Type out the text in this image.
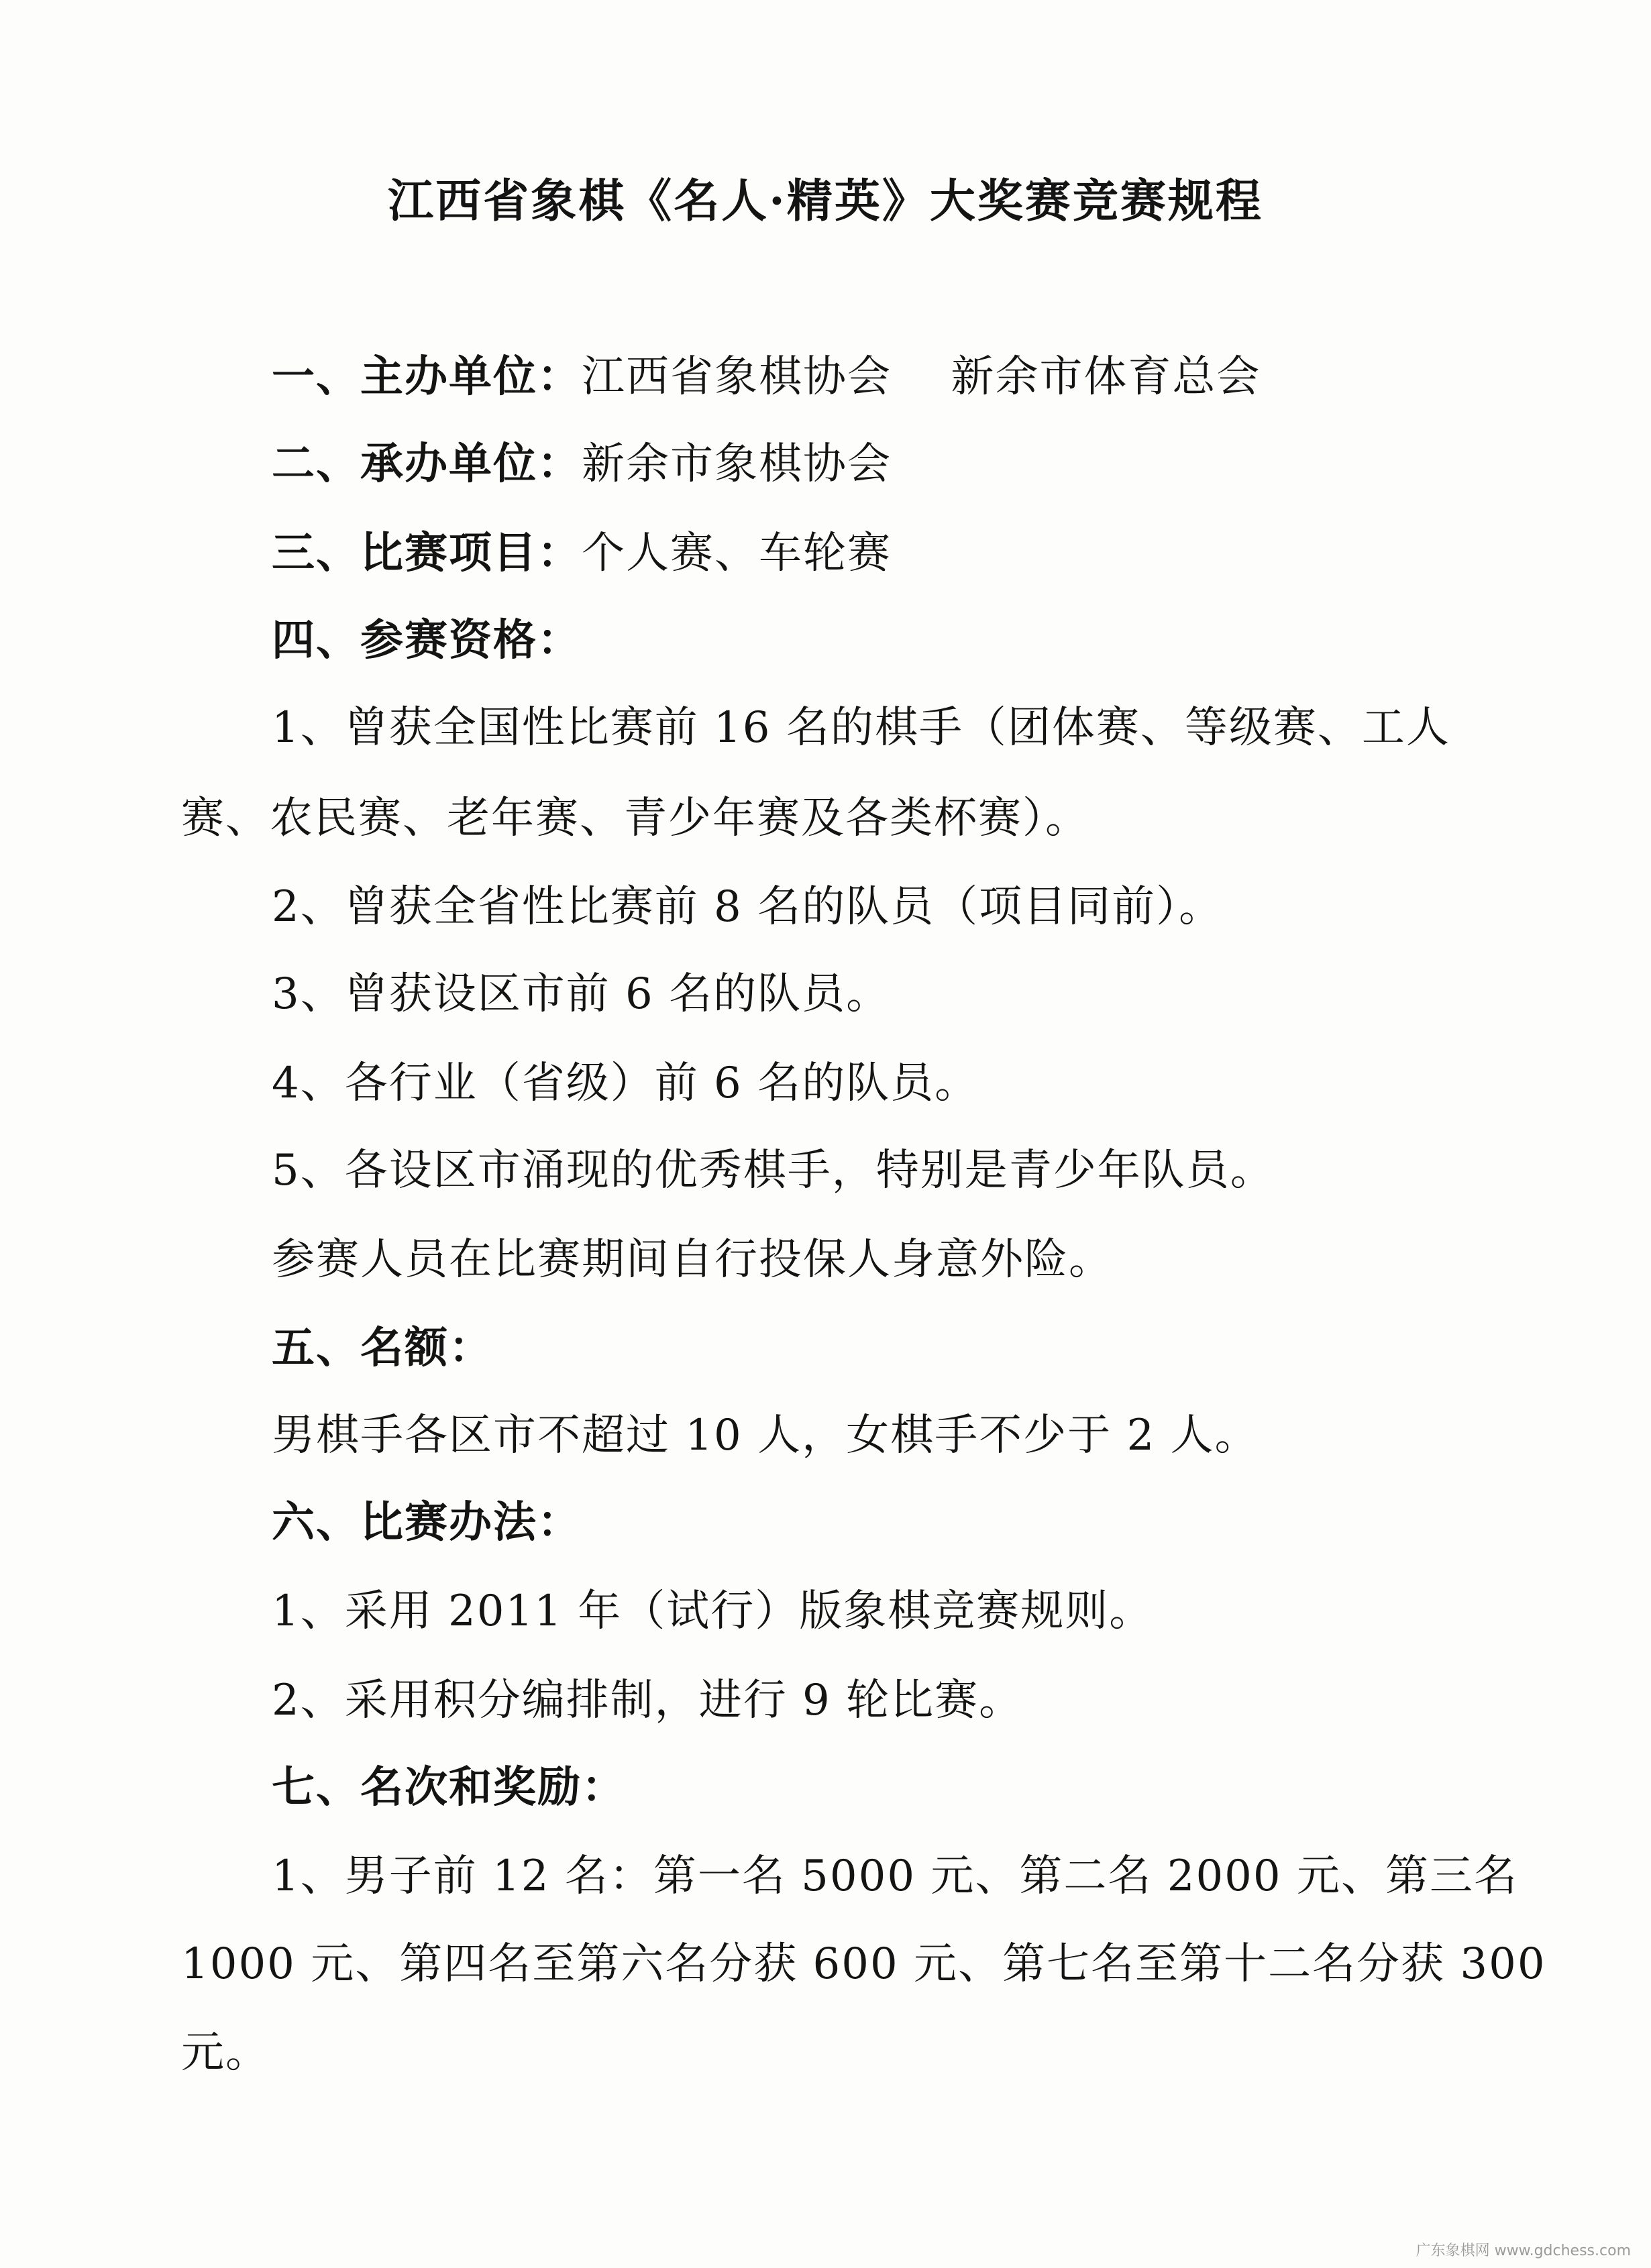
江西省象棋《名人·精英》大奖赛竞赛规程
一、主办单位：江西省象棋协会　 新余市体育总会
二、承办单位：新余市象棋协会
三、比赛项目：个人赛、车轮赛
四、参赛资格：
1、曾获全国性比赛前 16 名的棋手（团体赛、等级赛、工人
赛、农民赛、老年赛、青少年赛及各类杯赛）。
2、曾获全省性比赛前 8 名的队员（项目同前）。
3、曾获设区市前 6 名的队员。
4、各行业（省级）前 6 名的队员。
5、各设区市涌现的优秀棋手，特别是青少年队员。
参赛人员在比赛期间自行投保人身意外险。
五、名额：
男棋手各区市不超过 10 人，女棋手不少于 2 人。
六、比赛办法：
1、采用 2011 年（试行）版象棋竞赛规则。
2、采用积分编排制，进行 9 轮比赛。
七、名次和奖励：
1、男子前 12 名：第一名 5000 元、第二名 2000 元、第三名
1000 元、第四名至第六名分获 600 元、第七名至第十二名分获 300
元。
广东象棋网 www.gdchess.com
